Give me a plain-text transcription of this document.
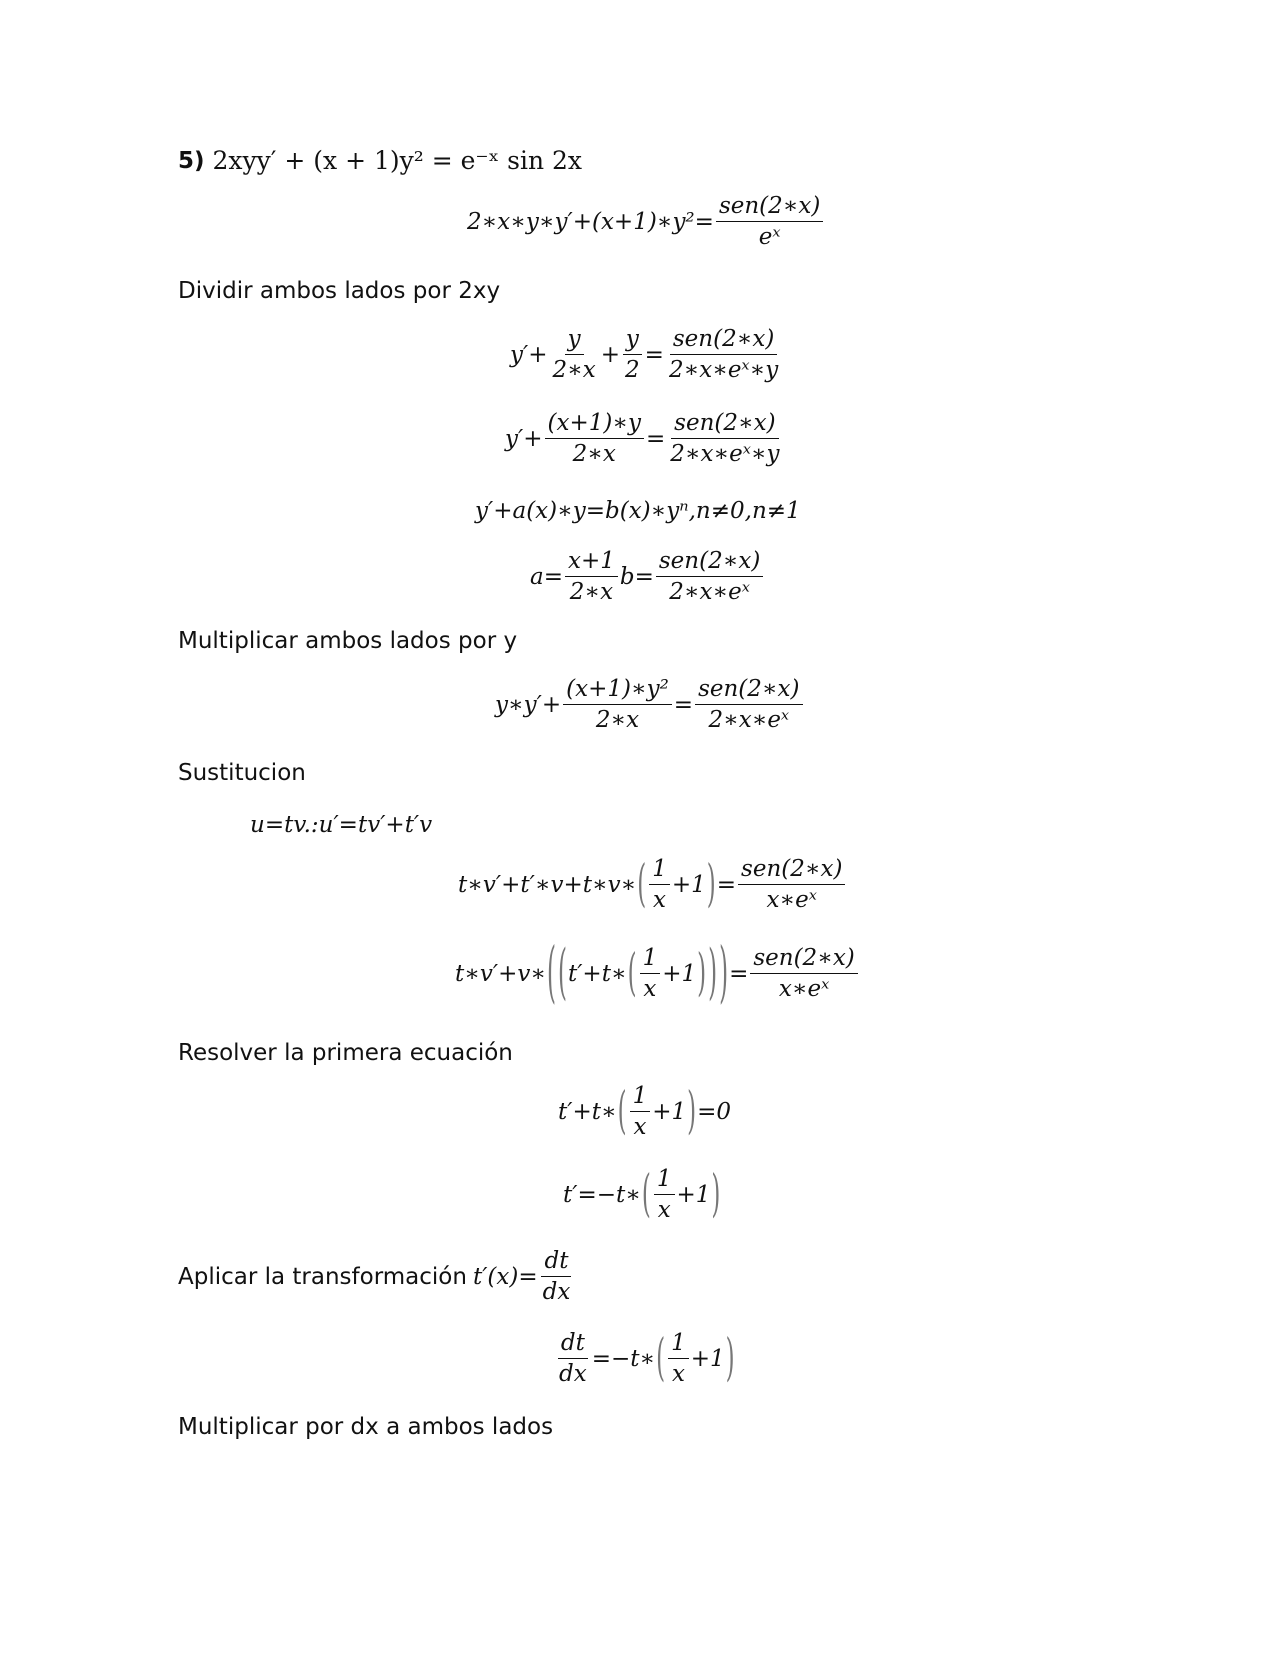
5) 2xyy′ + (x + 1)y² = e⁻ˣ sin 2x
2∗x∗y∗y′+(x+1)∗y²= $\frac{\text{sen(2∗x)}}{\text{eˣ}}$
Dividir ambos lados por 2xy
$y'+ \frac{y}{2∗x} + \frac{y}{2} = \frac{\text{sen(2∗x)}}{\text{2∗x∗eˣ∗y}}$
$y'+ \frac{(x+1)∗y}{2∗x} = \frac{\text{sen(2∗x)}}{\text{2∗x∗eˣ∗y}}$
y′+a(x)∗y=b(x)∗yⁿ,n≠0,n≠1
$a= \frac{x+1}{2∗x} b= \frac{\text{sen(2∗x)}}{\text{2∗x∗eˣ}}$
Multiplicar ambos lados por y
y∗y′+ $\frac{\text{(x+1)∗y²}}{2∗x} = \frac{\text{sen(2∗x)}}{\text{2∗x∗eˣ}}$
Sustitucion
u=tv.:u′=tv′+t′v
t∗v′+t′∗v+t∗v∗ ( $\frac{1}{x} +1$ ) = $\frac{\text{sen(2∗x)}}{\text{x∗eˣ}}$
t∗v′+v∗ ( ( t′+t∗ ( $\frac{1}{x} +1$ ) ) ) = $\frac{\text{sen(2∗x)}}{\text{x∗eˣ}}$
Resolver la primera ecuación
t′+t∗ ( $\frac{1}{x} +1$ ) =0
t′=−t∗ ( $\frac{1}{x} +1$ )
Aplicar la transformación $t'(x)= \frac{dt}{dx}$
$\frac{dt}{dx}$ =−t∗ ( $\frac{1}{x} +1$ )
Multiplicar por dx a ambos lados
